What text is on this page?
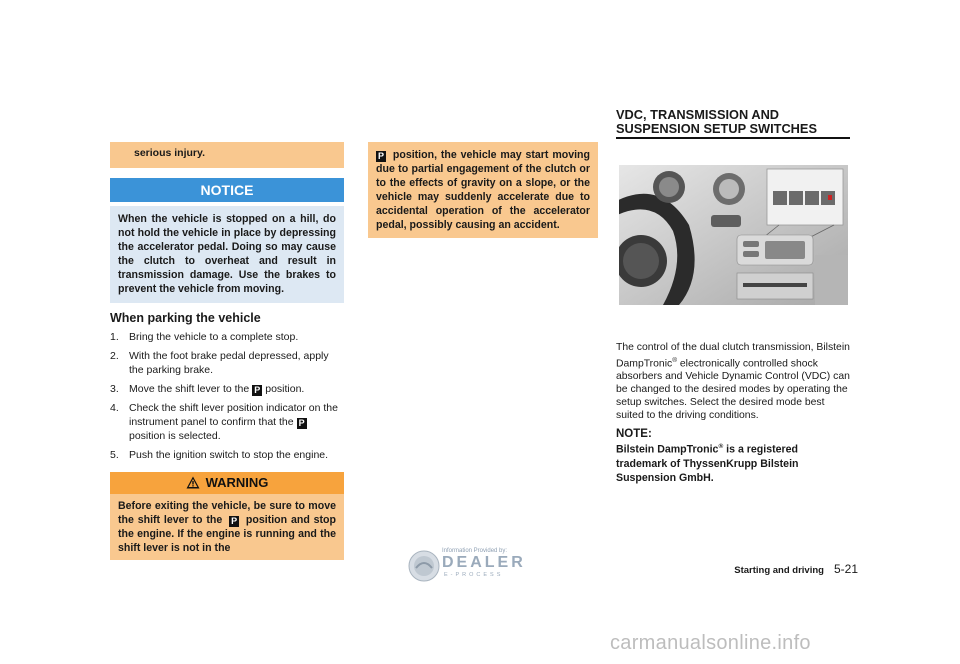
serious injury.
NOTICE
When the vehicle is stopped on a hill, do not hold the vehicle in place by depressing the accelerator pedal. Doing so may cause the clutch to overheat and result in transmission damage. Use the brakes to prevent the vehicle from moving.
When parking the vehicle
1. Bring the vehicle to a complete stop.
2. With the foot brake pedal depressed, apply the parking brake.
3. Move the shift lever to the P position.
4. Check the shift lever position indicator on the instrument panel to confirm that the P position is selected.
5. Push the ignition switch to stop the engine.
WARNING
Before exiting the vehicle, be sure to move the shift lever to the P position and stop the engine. If the engine is running and the shift lever is not in the
P position, the vehicle may start moving due to partial engagement of the clutch or to the effects of gravity on a slope, or the vehicle may suddenly accelerate due to accidental operation of the accelerator pedal, possibly causing an accident.
VDC, TRANSMISSION AND SUSPENSION SETUP SWITCHES
The control of the dual clutch transmission, Bilstein DampTronic® electronically controlled shock absorbers and Vehicle Dynamic Control (VDC) can be changed to the desired modes by operating the setup switches. Select the desired mode best suited to the driving conditions.
NOTE:
Bilstein DampTronic® is a registered trademark of ThyssenKrupp Bilstein Suspension GmbH.
Information Provided by:
DEALER
E-PROCESS	Starting and driving 5-21
carmanualsonline.info
